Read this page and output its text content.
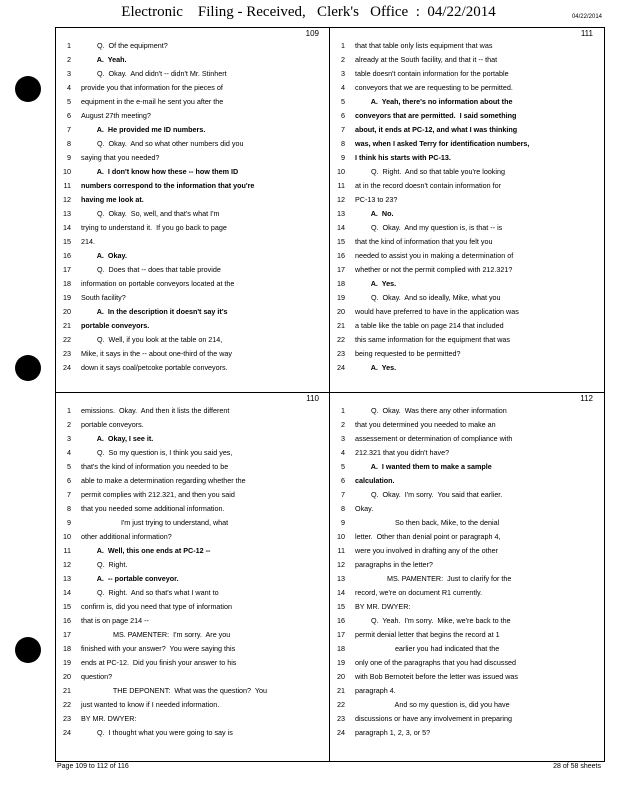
Electronic    Filing - Received,   Clerk's   Office  :  04/22/2014	04/22/2014
109
1 Q.  Of the equipment?
2 A.  Yeah.
3 Q.  Okay.  And didn't -- didn't Mr. Stinhert
4 provide you that information for the pieces of
5 equipment in the e-mail he sent you after the
6 August 27th meeting?
7 A.  He provided me ID numbers.
8 Q.  Okay.  And so what other numbers did you
9 saying that you needed?
10 A.  I don't know how these -- how them ID
11 numbers correspond to the information that you're
12 having me look at.
13 Q.  Okay.  So, well, and that's what I'm
14 trying to understand it.  If you go back to page
15 214.
16 A.  Okay.
17 Q.  Does that -- does that table provide
18 information on portable conveyors located at the
19 South facility?
20 A.  In the description it doesn't say it's
21 portable conveyors.
22 Q.  Well, if you look at the table on 214,
23 Mike, it says in the -- about one-third of the way
24 down it says coal/petcoke portable conveyors.
111
1 that that table only lists equipment that was
2 already at the South facility, and that it -- that
3 table doesn't contain information for the portable
4 conveyors that we are requesting to be permitted.
5 A.  Yeah, there's no information about the
6 conveyors that are permitted.  I said something
7 about, it ends at PC-12, and what I was thinking
8 was, when I asked Terry for identification numbers,
9 I think his starts with PC-13.
10 Q.  Right.  And so that table you're looking
11 at in the record doesn't contain information for
12 PC-13 to 23?
13 A.  No.
14 Q.  Okay.  And my question is, is that -- is
15 that the kind of information that you felt you
16 needed to assist you in making a determination of
17 whether or not the permit complied with 212.321?
18 A.  Yes.
19 Q.  Okay.  And so ideally, Mike, what you
20 would have preferred to have in the application was
21 a table like the table on page 214 that included
22 this same information for the equipment that was
23 being requested to be permitted?
24 A.  Yes.
110
1 emissions.  Okay.  And then it lists the different
2 portable conveyors.
3 A.  Okay, I see it.
4 Q.  So my question is, I think you said yes,
5 that's the kind of information you needed to be
6 able to make a determination regarding whether the
7 permit complies with 212.321, and then you said
8 that you needed some additional information.
9 I'm just trying to understand, what
10 other additional information?
11 A.  Well, this one ends at PC-12 --
12 Q.  Right.
13 A.  -- portable conveyor.
14 Q.  Right.  And so that's what I want to
15 confirm is, did you need that type of information
16 that is on page 214 --
17 MS. PAMENTER:  I'm sorry.  Are you
18 finished with your answer?  You were saying this
19 ends at PC-12.  Did you finish your answer to his
20 question?
21 THE DEPONENT:  What was the question?  You
22 just wanted to know if I needed information.
23 BY MR. DWYER:
24 Q.  I thought what you were going to say is
112
1 Q.  Okay.  Was there any other information
2 that you determined you needed to make an
3 assessement or determination of compliance with
4 212.321 that you didn't have?
5 A.  I wanted them to make a sample
6 calculation.
7 Q.  Okay.  I'm sorry.  You said that earlier.
8 Okay.
9 So then back, Mike, to the denial
10 letter.  Other than denial point or paragraph 4,
11 were you involved in drafting any of the other
12 paragraphs in the letter?
13 MS. PAMENTER:  Just to clarify for the
14 record, we're on document R1 currently.
15 BY MR. DWYER:
16 Q.  Yeah.  I'm sorry.  Mike, we're back to the
17 permit denial letter that begins the record at 1
18 earlier you had indicated that the
19 only one of the paragraphs that you had discussed
20 with Bob Bernoteit before the letter was issued was
21 paragraph 4.
22 And so my question is, did you have
23 discussions or have any involvement in preparing
24 paragraph 1, 2, 3, or 5?
Page 109 to 112 of 116	28 of 58 sheets
